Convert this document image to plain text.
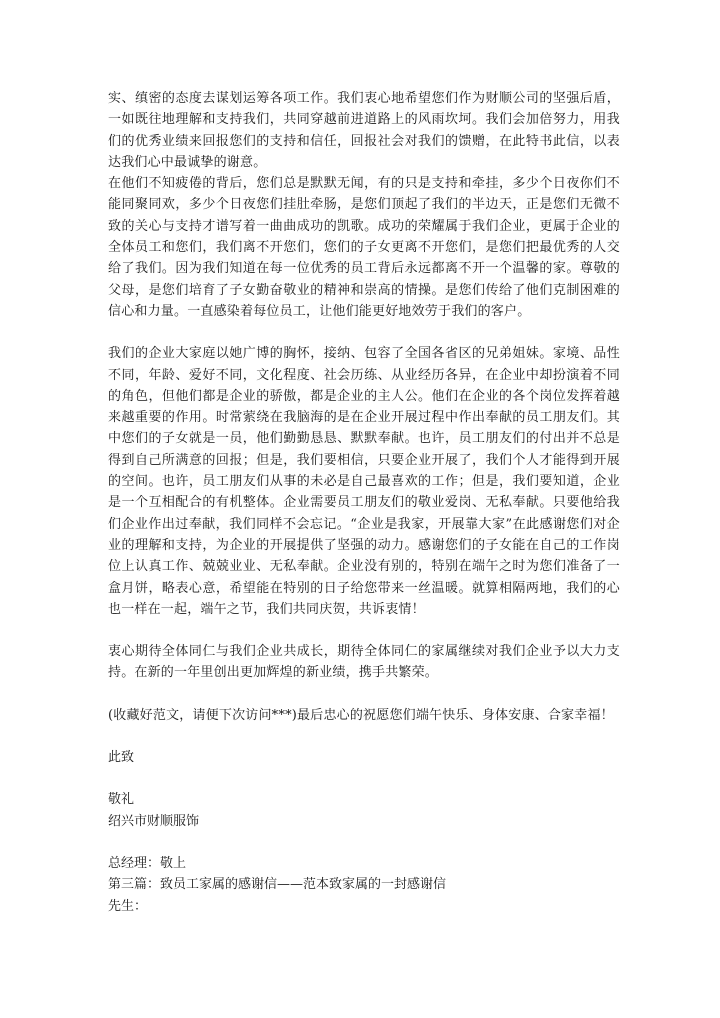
实、缜密的态度去谋划运筹各项工作。我们衷心地希望您们作为财顺公司的坚强后盾，一如既往地理解和支持我们，共同穿越前进道路上的风雨坎坷。我们会加倍努力，用我们的优秀业绩来回报您们的支持和信任，回报社会对我们的馈赠，在此特书此信，以表达我们心中最诚挚的谢意。

在他们不知疲倦的背后，您们总是默默无闻，有的只是支持和牵挂，多少个日夜你们不能同聚同欢，多少个日夜您们挂肚牵肠，是您们顶起了我们的半边天，正是您们无微不致的关心与支持才谱写着一曲曲成功的凯歌。成功的荣耀属于我们企业，更属于企业的全体员工和您们，我们离不开您们，您们的子女更离不开您们，是您们把最优秀的人交给了我们。因为我们知道在每一位优秀的员工背后永远都离不开一个温馨的家。尊敬的父母，是您们培育了子女勤奋敬业的精神和崇高的情操。是您们传给了他们克制困难的信心和力量。一直感染着每位员工，让他们能更好地效劳于我们的客户。

我们的企业大家庭以她广博的胸怀，接纳、包容了全国各省区的兄弟姐妹。家境、品性不同，年龄、爱好不同，文化程度、社会历练、从业经历各异，在企业中却扮演着不同的角色，但他们都是企业的骄傲，都是企业的主人公。他们在企业的各个岗位发挥着越来越重要的作用。时常萦绕在我脑海的是在企业开展过程中作出奉献的员工朋友们。其中您们的子女就是一员，他们勤勤恳恳、默默奉献。也许，员工朋友们的付出并不总是得到自己所满意的回报；但是，我们要相信，只要企业开展了，我们个人才能得到开展的空间。也许，员工朋友们从事的未必是自己最喜欢的工作；但是，我们要知道，企业是一个互相配合的有机整体。企业需要员工朋友们的敬业爱岗、无私奉献。只要他给我们企业作出过奉献，我们同样不会忘记。“企业是我家，开展靠大家”在此感谢您们对企业的理解和支持，为企业的开展提供了坚强的动力。感谢您们的子女能在自己的工作岗位上认真工作、兢兢业业、无私奉献。企业没有别的，特别在端午之时为您们准备了一盒月饼，略表心意，希望能在特别的日子给您带来一丝温暖。就算相隔两地，我们的心也一样在一起，端午之节，我们共同庆贺，共诉衷情！

衷心期待全体同仁与我们企业共成长，期待全体同仁的家属继续对我们企业予以大力支持。在新的一年里创出更加辉煌的新业绩，携手共繁荣。

(收藏好范文，请便下次访问***)最后忠心的祝愿您们端午快乐、身体安康、合家幸福！

此致

敬礼

绍兴市财顺服饰

总经理：敬上

第三篇：致员工家属的感谢信——范本致家属的一封感谢信

先生：
